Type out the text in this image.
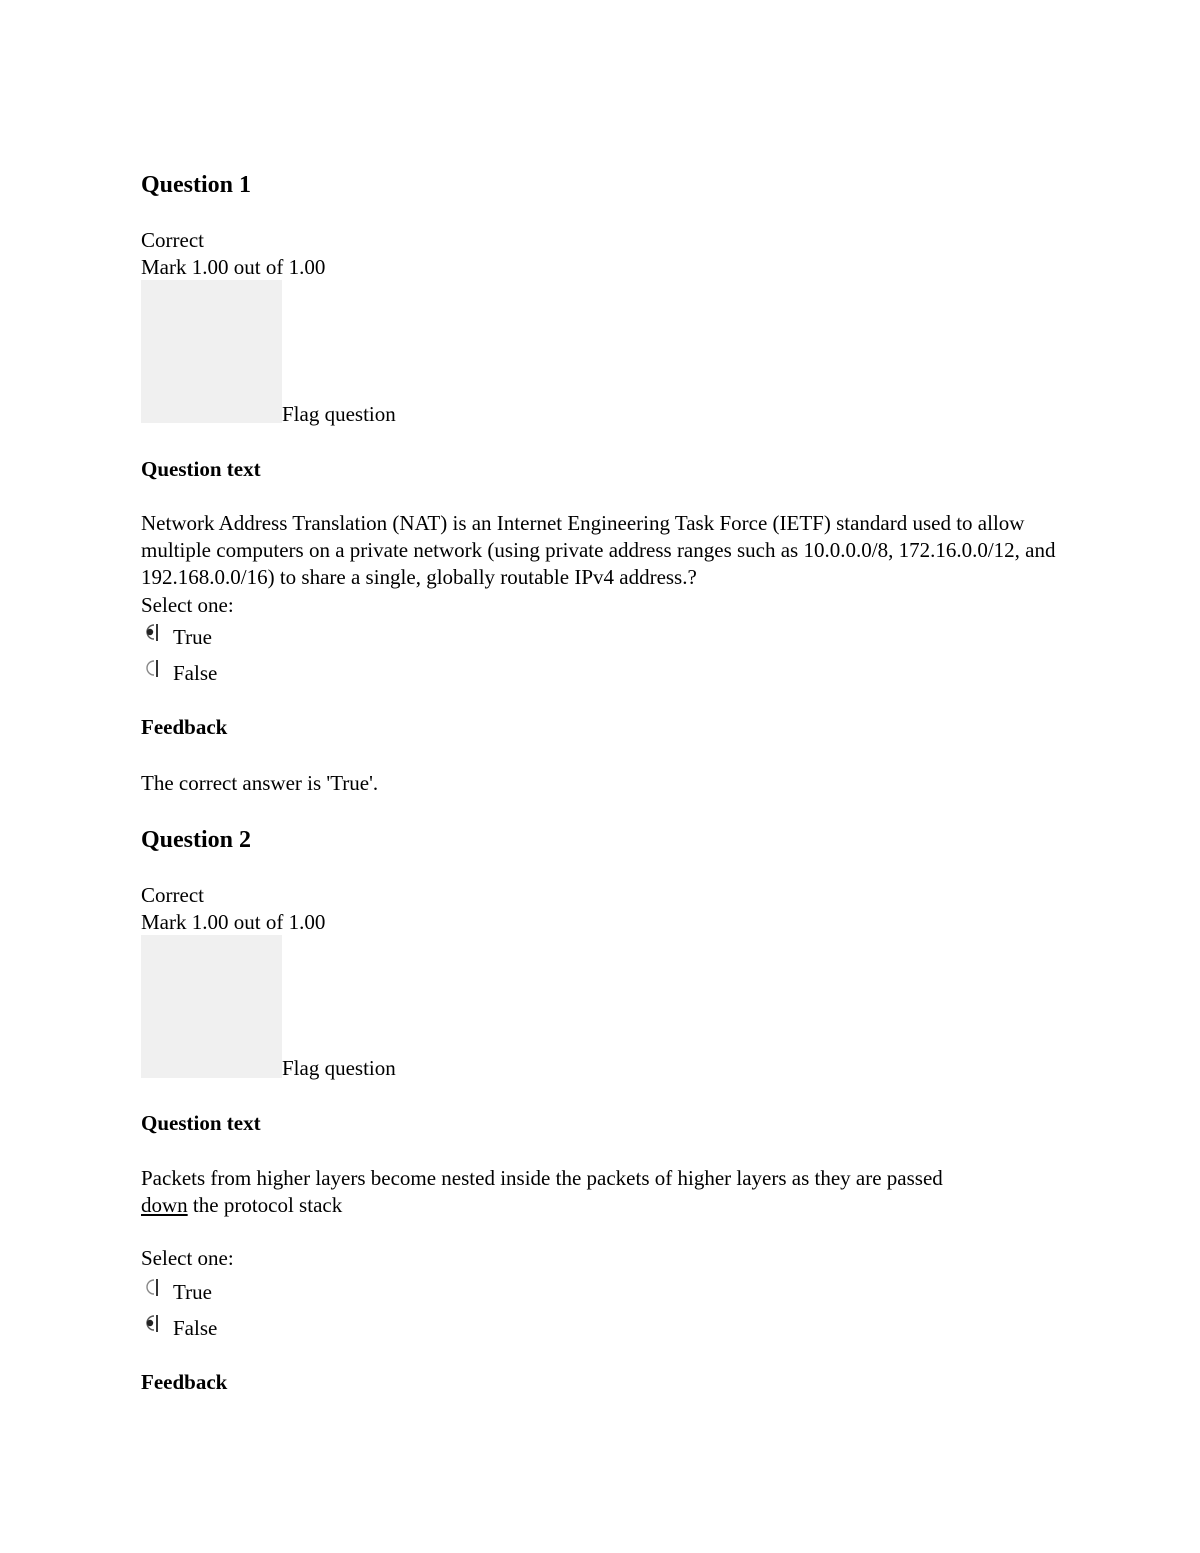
Question 1
Correct
Mark 1.00 out of 1.00
Flag question
Question text
Network Address Translation (NAT) is an Internet Engineering Task Force (IETF) standard used to allow multiple computers on a private network (using private address ranges such as 10.0.0.0/8, 172.16.0.0/12, and 192.168.0.0/16) to share a single, globally routable IPv4 address.?
Select one:
True
False
Feedback
The correct answer is 'True'.
Question 2
Correct
Mark 1.00 out of 1.00
Flag question
Question text
Packets from higher layers become nested inside the packets of higher layers as they are passed
down the protocol stack
Select one:
True
False
Feedback
